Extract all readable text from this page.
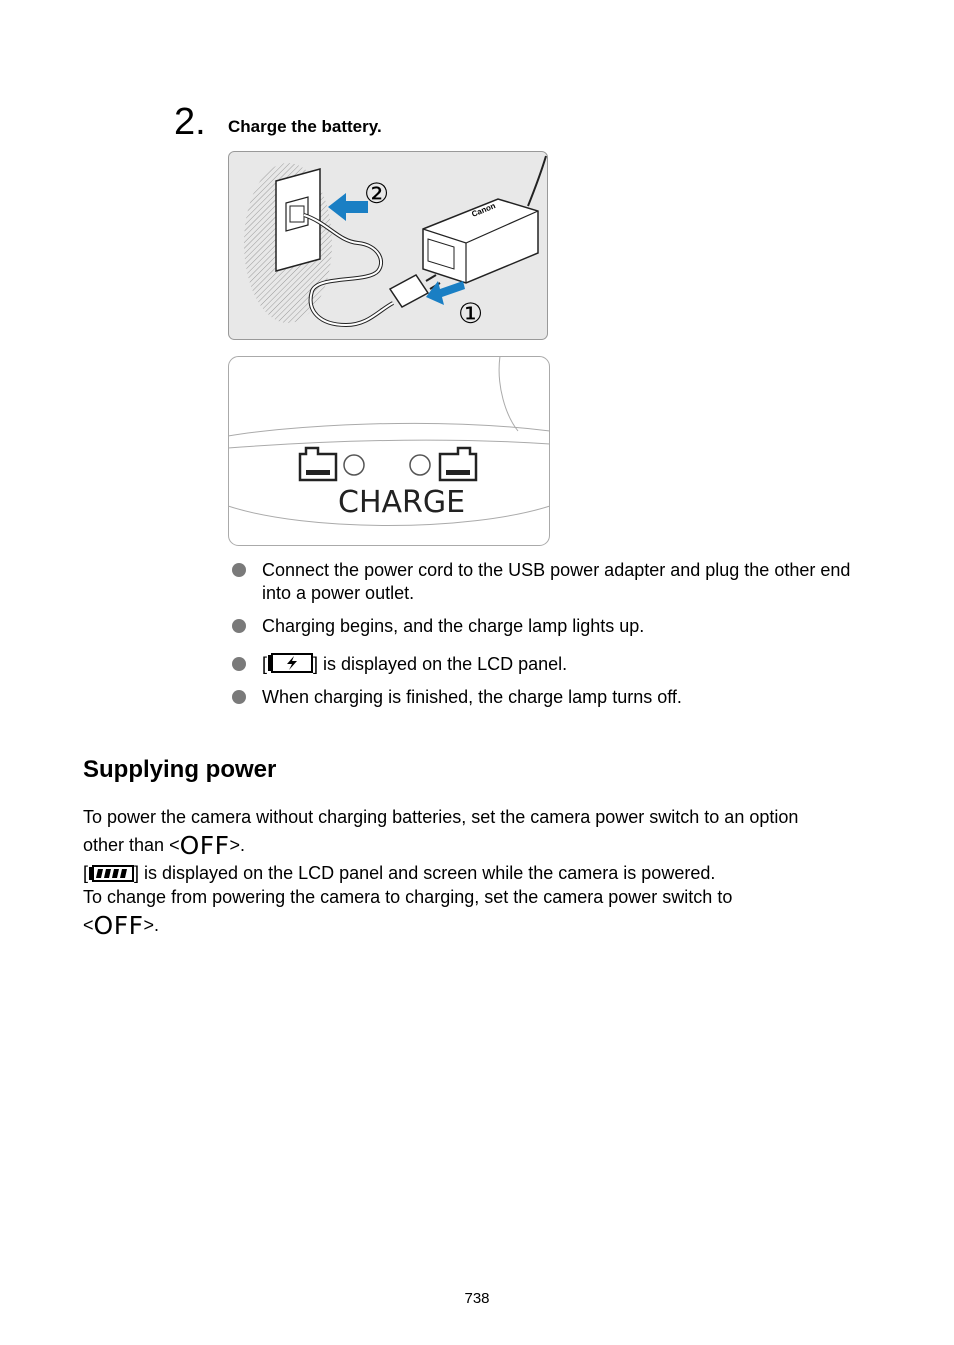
2. Charge the battery.
Canon
②
①
CHARGE
Connect the power cord to the USB power adapter and plug the other end into a power outlet.
Charging begins, and the charge lamp lights up.
[	] is displayed on the LCD panel.
When charging is finished, the charge lamp turns off.
Supplying power
To power the camera without charging batteries, set the camera power switch to an option
other than <OFF>.
[	] is displayed on the LCD panel and screen while the camera is powered.
To change from powering the camera to charging, set the camera power switch to
<OFF>.
738
